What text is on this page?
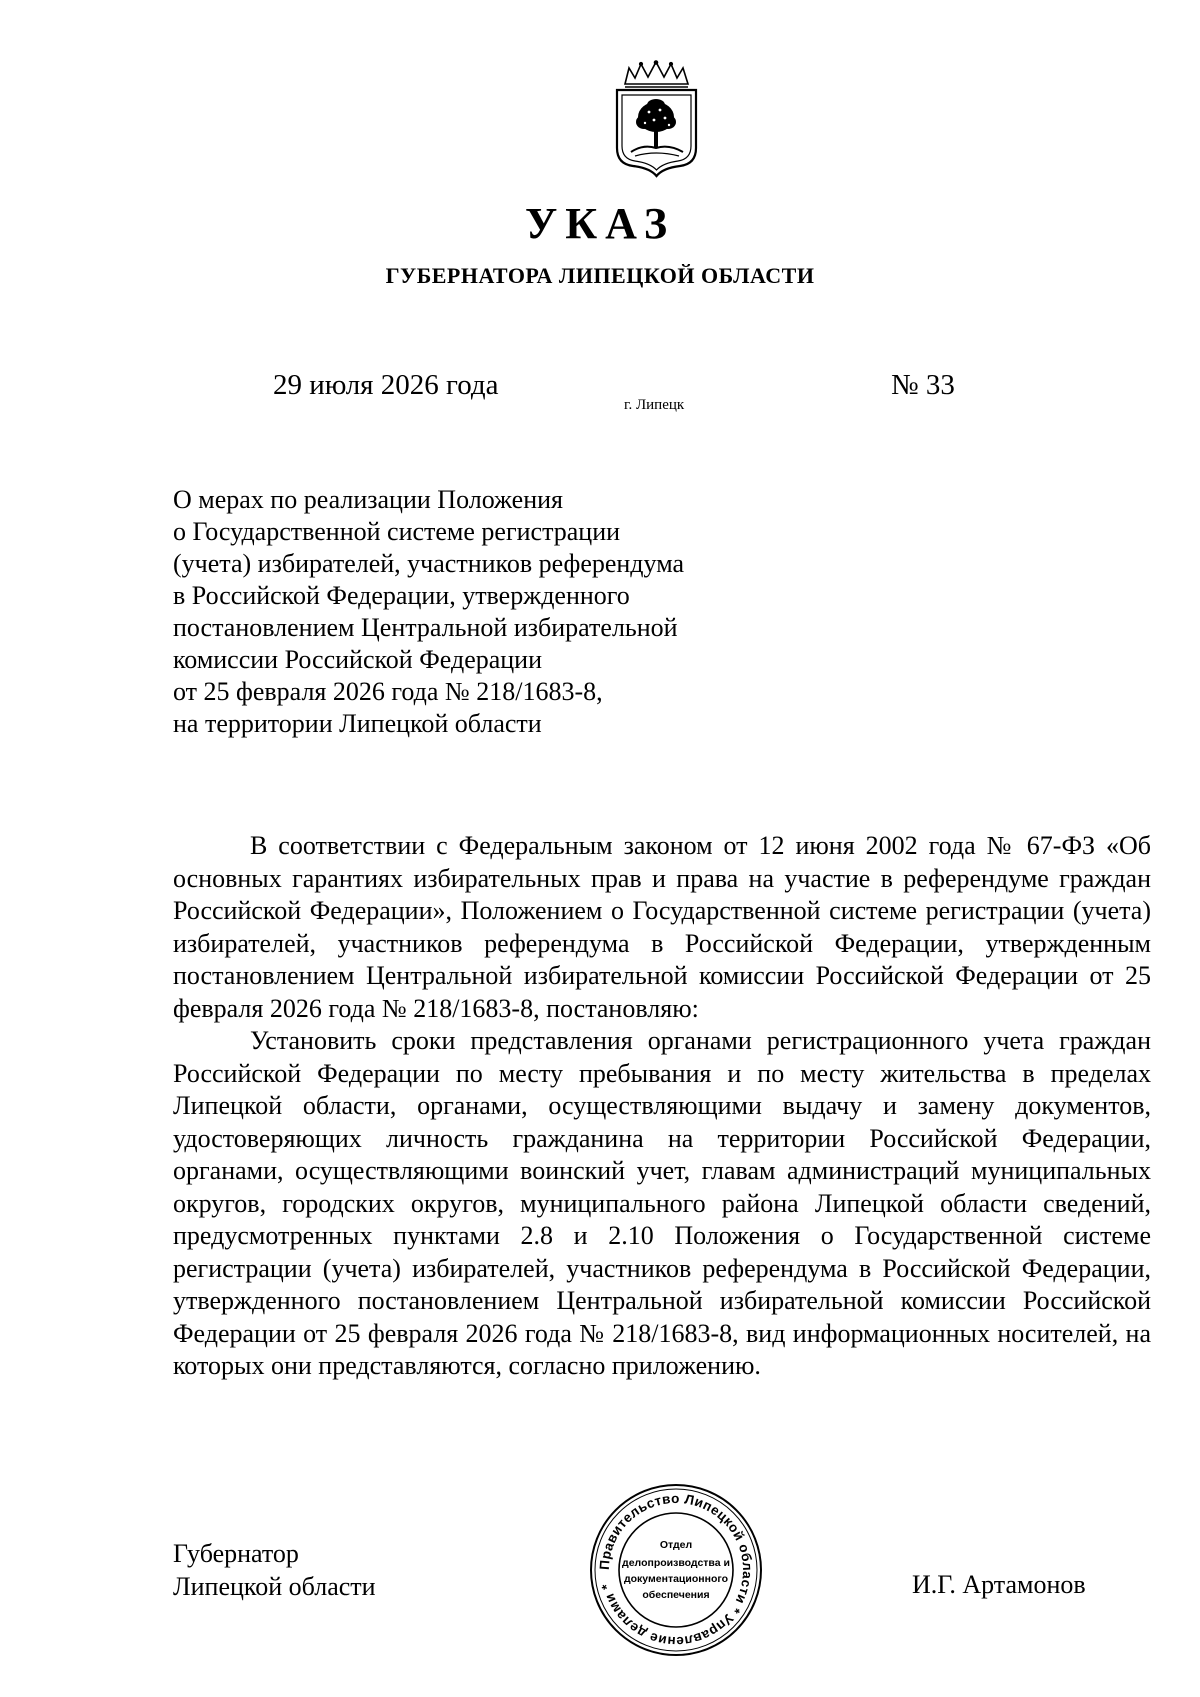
УКАЗ
ГУБЕРНАТОРА ЛИПЕЦКОЙ ОБЛАСТИ
29 июля 2026 года
г. Липецк
№ 33
О мерах по реализации Положения
о Государственной системе регистрации
(учета) избирателей, участников референдума
в Российской Федерации, утвержденного
постановлением Центральной избирательной
комиссии Российской Федерации
от 25 февраля 2026 года № 218/1683-8,
на территории Липецкой области

В соответствии с Федеральным законом от 12 июня 2002 года № 67-ФЗ «Об основных гарантиях избирательных прав и права на участие в референдуме граждан Российской Федерации», Положением о Государственной системе регистрации (учета) избирателей, участников референдума в Российской Федерации, утвержденным постановлением Центральной избирательной комиссии Российской Федерации от 25 февраля 2026 года № 218/1683-8, постановляю:

Установить сроки представления органами регистрационного учета граждан Российской Федерации по месту пребывания и по месту жительства в пределах Липецкой области, органами, осуществляющими выдачу и замену документов, удостоверяющих личность гражданина на территории Российской Федерации, органами, осуществляющими воинский учет, главам администраций муниципальных округов, городских округов, муниципального района Липецкой области сведений, предусмотренных пунктами 2.8 и 2.10 Положения о Государственной системе регистрации (учета) избирателей, участников референдума в Российской Федерации, утвержденного постановлением Центральной избирательной комиссии Российской Федерации от 25 февраля 2026 года № 218/1683-8, вид информационных носителей, на которых они представляются, согласно приложению.

Губернатор
Липецкой области	И.Г. Артамонов
Правительство Липецкой области * Управление делами *
Отдел
делопроизводства и
документационного
обеспечения
